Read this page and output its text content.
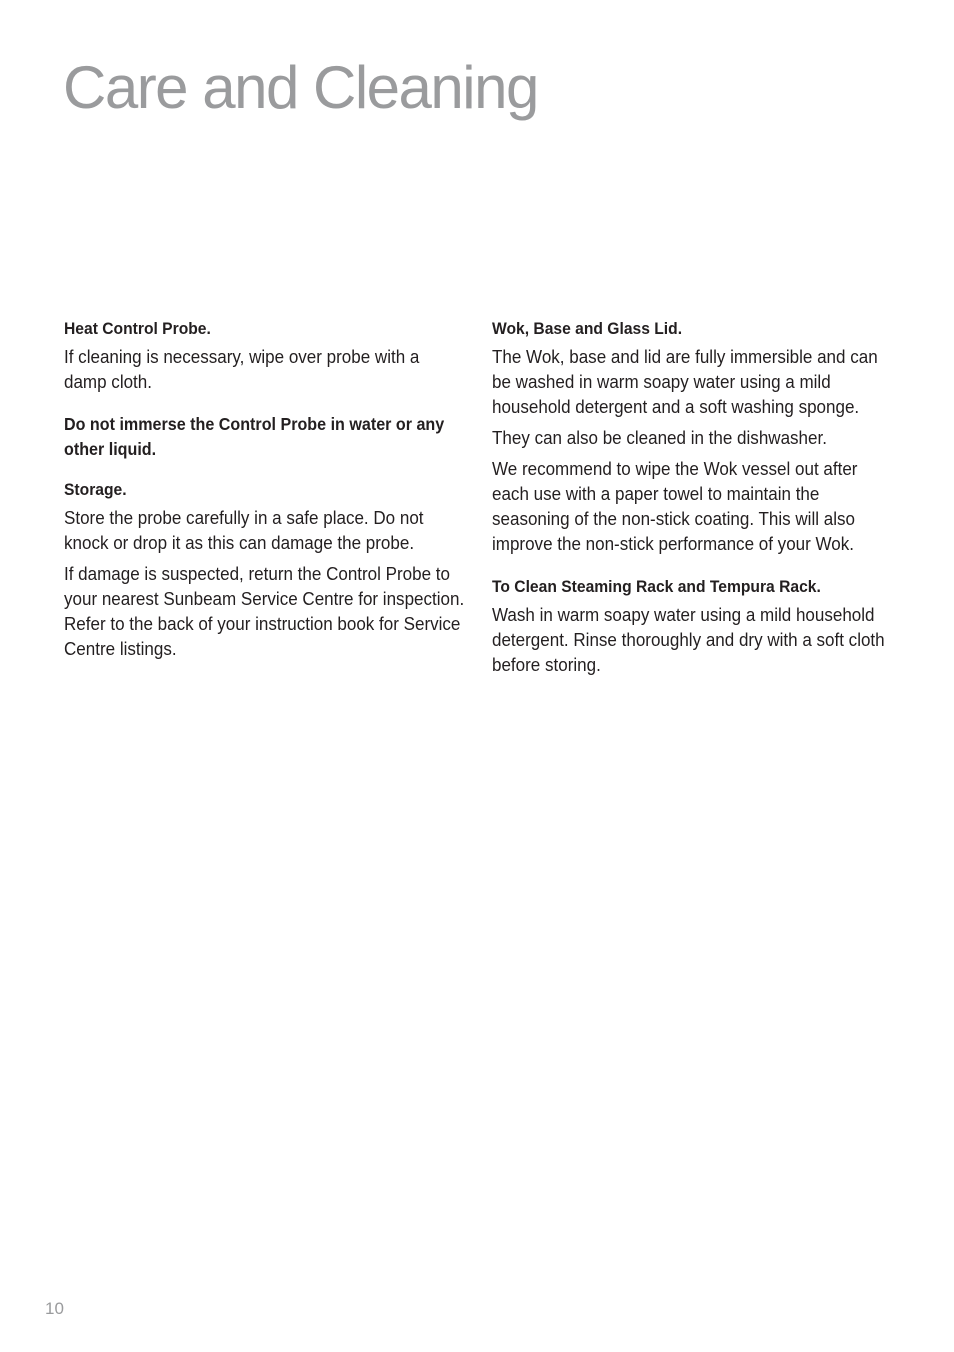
Care and Cleaning

Heat Control Probe.

If cleaning is necessary, wipe over probe with a damp cloth.

Do not immerse the Control Probe in water or any other liquid.

Storage.

Store the probe carefully in a safe place. Do not knock or drop it as this can damage the probe.

If damage is suspected, return the Control Probe to your nearest Sunbeam Service Centre for inspection. Refer to the back of your instruction book for Service Centre listings.

Wok, Base and Glass Lid.

The Wok, base and lid are fully immersible and can be washed in warm soapy water using a mild household detergent and a soft washing sponge.

They can also be cleaned in the dishwasher.

We recommend to wipe the Wok vessel out after each use with a paper towel to maintain the seasoning of the non-stick coating. This will also improve the non-stick performance of your Wok.

To Clean Steaming Rack and Tempura Rack.

Wash in warm soapy water using a mild household detergent. Rinse thoroughly and dry with a soft cloth before storing.

10
